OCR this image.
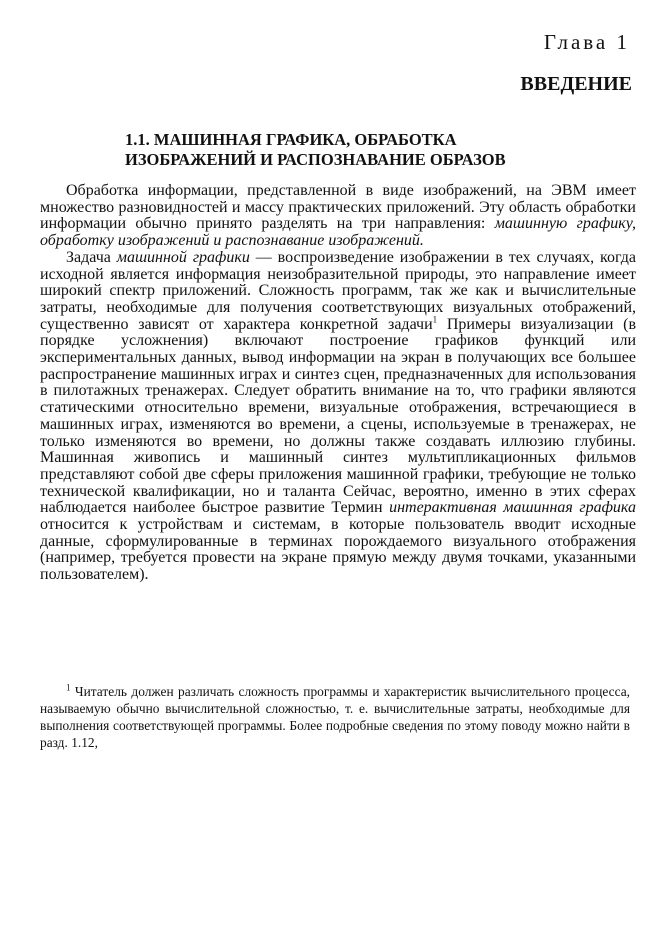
Глава 1
ВВЕДЕНИЕ
1.1. МАШИННАЯ ГРАФИКА, ОБРАБОТКА
ИЗОБРАЖЕНИЙ И РАСПОЗНАВАНИЕ ОБРАЗОВ

Обработка информации, представленной в виде изображений, на ЭВМ имеет множество разновидностей и массу практических приложений. Эту область обработки информации обычно принято разделять на три направления: машинную графику, обработку изображений и распознавание изображений.

Задача машинной графики — воспроизведение изображении в тех случаях, когда исходной является информация неизобразительной природы, это направление имеет широкий спектр приложений. Сложность программ, так же как и вычислительные затраты, необходимые для получения соответствующих визуальных отображений, существенно зависят от характера конкретной задачи$^1$ Примеры визуализации (в порядке усложнения) включают построение графиков функций или экспериментальных данных, вывод информации на экран в получающих все большее распространение машинных играх и синтез сцен, предназначенных для использования в пилотажных тренажерах. Следует обратить внимание на то, что графики являются статическими относительно времени, визуальные отображения, встречающиеся в машинных играх, изменяются во времени, а сцены, используемые в тренажерах, не только изменяются во времени, но должны также создавать иллюзию глубины. Машинная живопись и машинный синтез мультипликационных фильмов представляют собой две сферы приложения машинной графики, требующие не только технической квалификации, но и таланта Сейчас, вероятно, именно в этих сферах наблюдается наиболее быстрое развитие Термин интерактивная машинная графика относится к устройствам и системам, в которые пользователь вводит исходные данные, сформулированные в терминах порождаемого визуального отображения (например, требуется провести на экране прямую между двумя точками, указанными пользователем).

$^1$ Читатель должен различать сложность программы и характеристик вычислительного процесса, называемую обычно вычислительной сложностью, т. е. вычислительные затраты, необходимые для выполнения соответствующей программы. Более подробные сведения по этому поводу можно найти в разд. 1.12,
